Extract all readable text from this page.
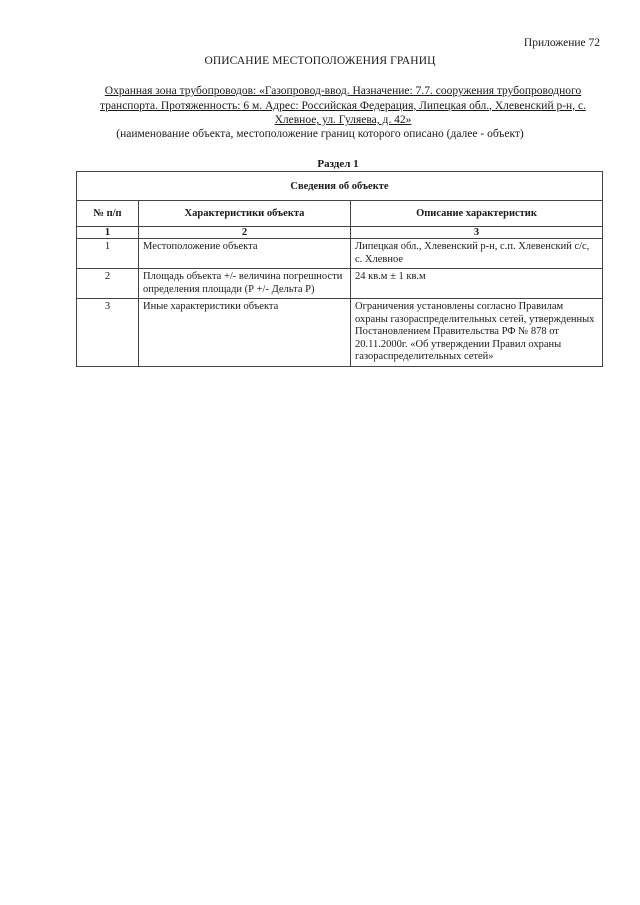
Приложение 72
ОПИСАНИЕ МЕСТОПОЛОЖЕНИЯ ГРАНИЦ
Охранная зона трубопроводов: «Газопровод-ввод. Назначение: 7.7. сооружения трубопроводного транспорта. Протяженность: 6 м. Адрес: Российская Федерация, Липецкая обл., Хлевенский р-н, с. Хлевное, ул. Гуляева, д. 42»
(наименование объекта, местоположение границ которого описано (далее - объект)
Раздел 1
Сведения об объекте		
№ п/п	Характеристики объекта	Описание характеристик
1	2	3
1	Местоположение объекта	Липецкая обл., Хлевенский р-н, с.п. Хлевенский с/с, с. Хлевное
2	Площадь объекта +/- величина погрешности определения площади (Р +/- Дельта Р)	24 кв.м ± 1 кв.м
3	Иные характеристики объекта	Ограничения установлены согласно Правилам охраны газораспределительных сетей, утвержденных Постановлением Правительства РФ № 878 от 20.11.2000г. «Об утверждении Правил охраны газораспределительных сетей»
